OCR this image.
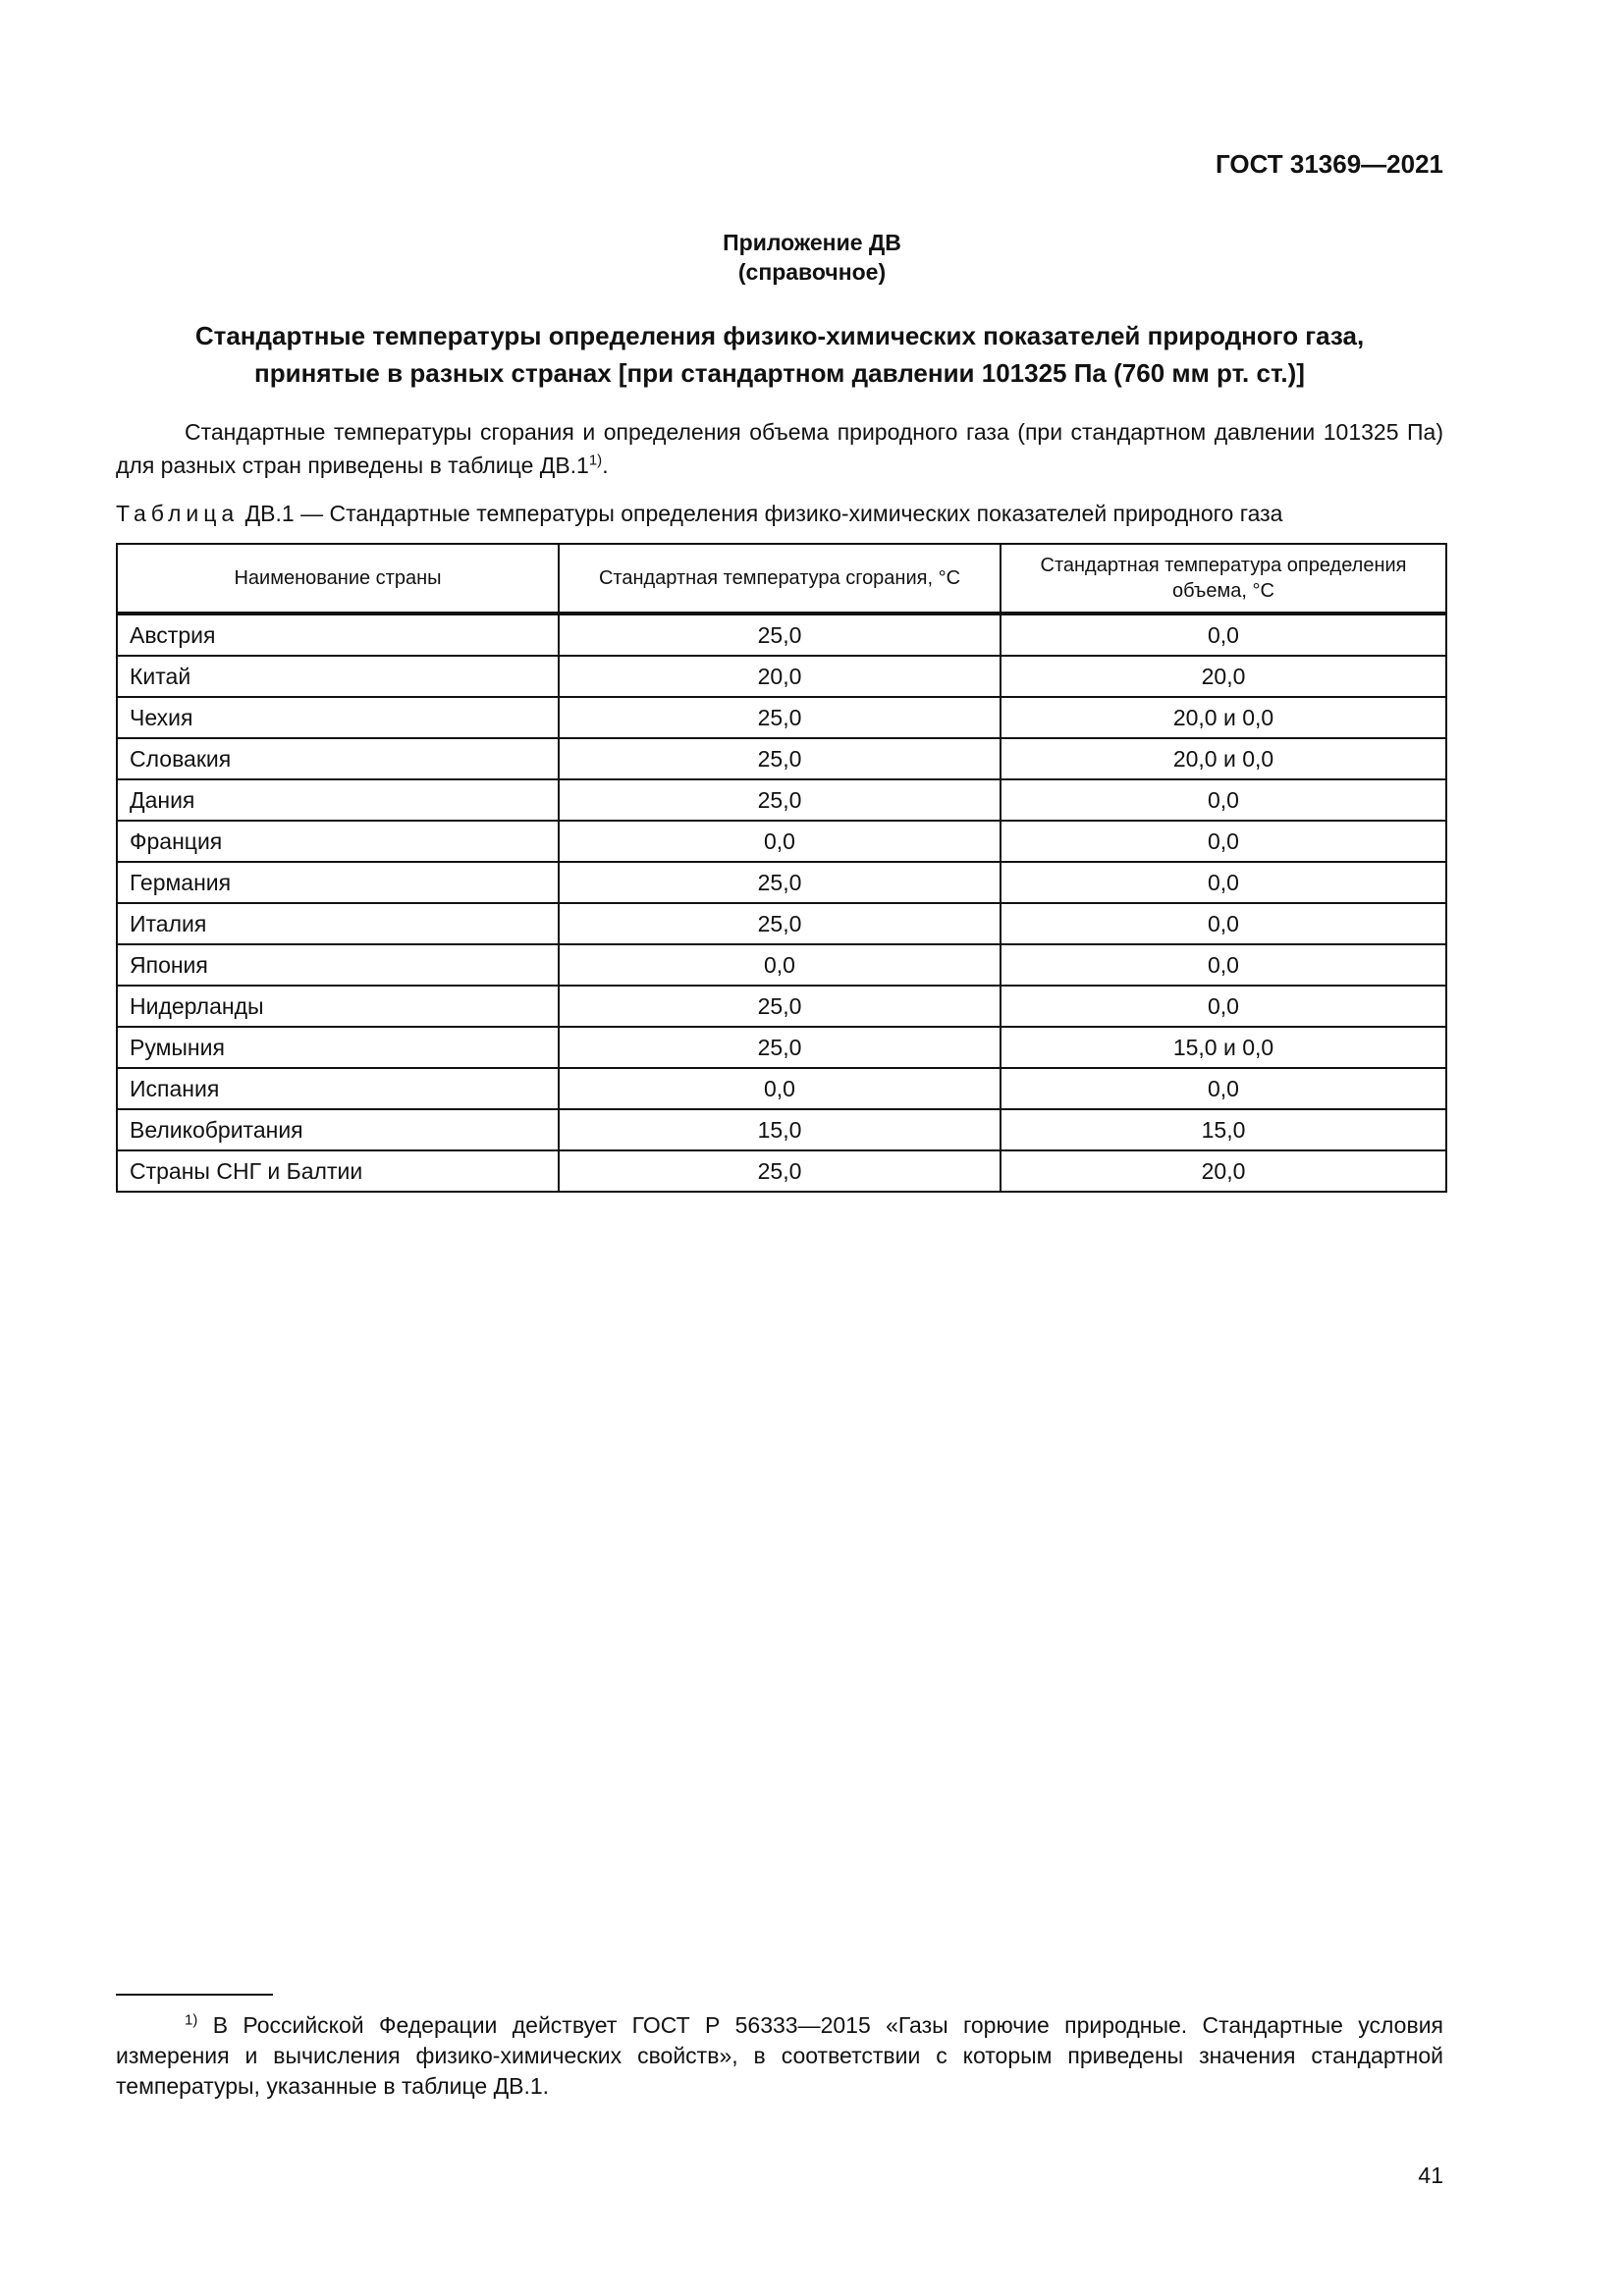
ГОСТ 31369—2021
Приложение ДВ
(справочное)
Стандартные температуры определения физико-химических показателей природного газа,
принятые в разных странах [при стандартном давлении 101325 Па (760 мм рт. ст.)]
Стандартные температуры сгорания и определения объема природного газа (при стандартном давлении 101325 Па) для разных стран приведены в таблице ДВ.1$^{1)}$.
Таблица ДВ.1 — Стандартные температуры определения физико-химических показателей природного газа
Наименование страны	Стандартная температура сгорания, °С	Стандартная температура определения объема, °С
Австрия	25,0	0,0
Китай	20,0	20,0
Чехия	25,0	20,0 и 0,0
Словакия	25,0	20,0 и 0,0
Дания	25,0	0,0
Франция	0,0	0,0
Германия	25,0	0,0
Италия	25,0	0,0
Япония	0,0	0,0
Нидерланды	25,0	0,0
Румыния	25,0	15,0 и 0,0
Испания	0,0	0,0
Великобритания	15,0	15,0
Страны СНГ и Балтии	25,0	20,0
$^{1)}$ В Российской Федерации действует ГОСТ Р 56333—2015 «Газы горючие природные. Стандартные условия измерения и вычисления физико-химических свойств», в соответствии с которым приведены значения стандартной температуры, указанные в таблице ДВ.1.
41
